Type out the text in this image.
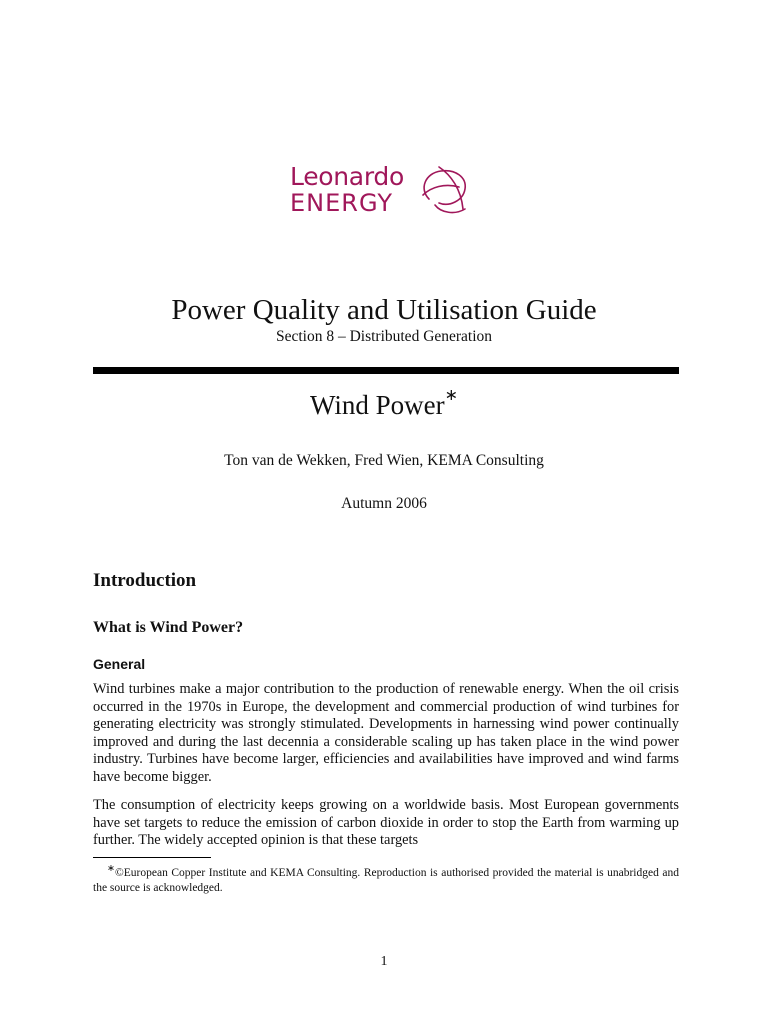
Leonardo
ENERGY
Power Quality and Utilisation Guide
Section 8 – Distributed Generation
Wind Power∗
Ton van de Wekken, Fred Wien, KEMA Consulting
Autumn 2006
Introduction
What is Wind Power?
General

Wind turbines make a major contribution to the production of renewable energy. When the oil crisis occurred in the 1970s in Europe, the development and commercial production of wind turbines for generating electricity was strongly stimulated. Developments in harnessing wind power continually improved and during the last decennia a considerable scaling up has taken place in the wind power industry. Turbines have become larger, efficiencies and availabilities have improved and wind farms have become bigger.

The consumption of electricity keeps growing on a worldwide basis. Most European governments have set targets to reduce the emission of carbon dioxide in order to stop the Earth from warming up further. The widely accepted opinion is that these targets

∗©European Copper Institute and KEMA Consulting. Reproduction is authorised provided the material is unabridged and the source is acknowledged.

1
